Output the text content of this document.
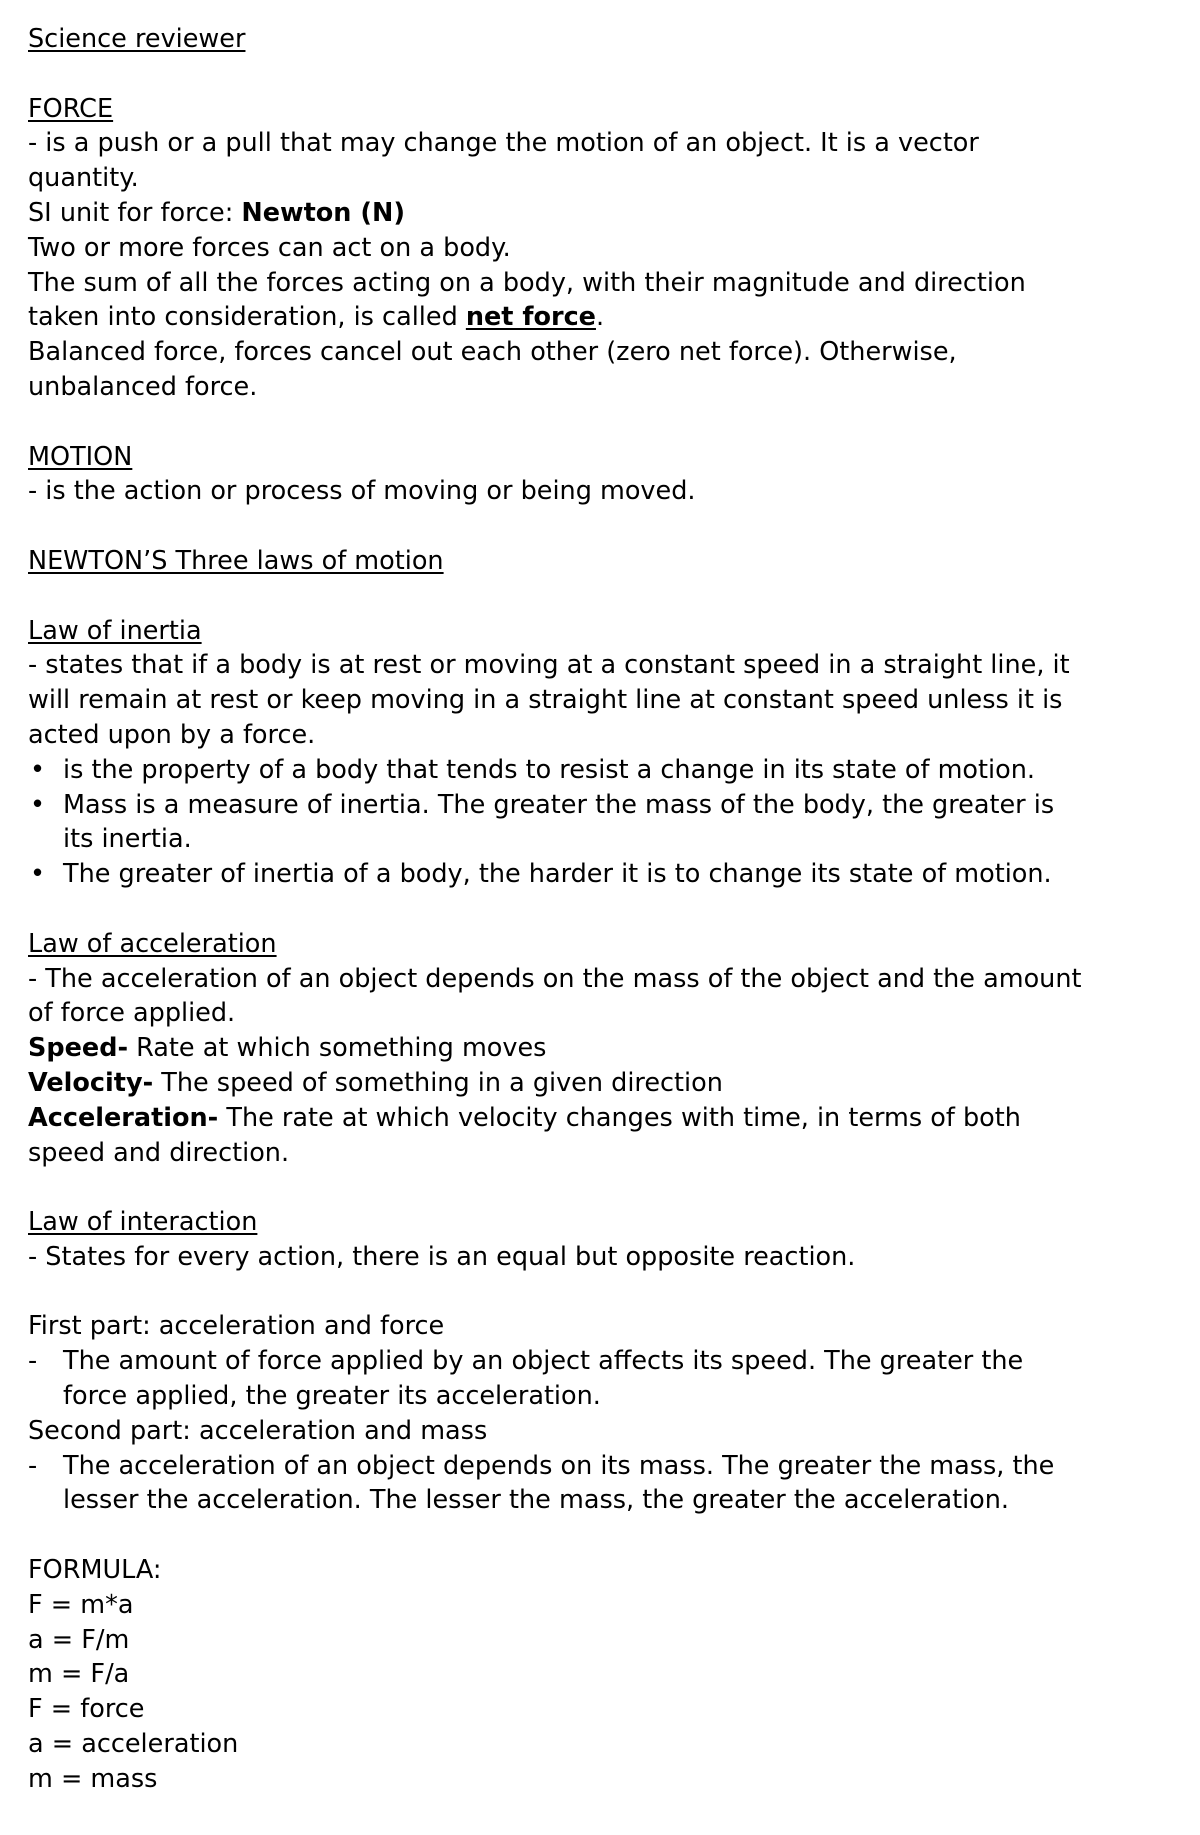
Science reviewer
FORCE
- is a push or a pull that may change the motion of an object. It is a vector
quantity.
SI unit for force: Newton (N)
Two or more forces can act on a body.
The sum of all the forces acting on a body, with their magnitude and direction
taken into consideration, is called net force.
Balanced force, forces cancel out each other (zero net force). Otherwise,
unbalanced force.
MOTION
- is the action or process of moving or being moved.
NEWTON’S Three laws of motion
Law of inertia
- states that if a body is at rest or moving at a constant speed in a straight line, it
will remain at rest or keep moving in a straight line at constant speed unless it is
acted upon by a force.
• is the property of a body that tends to resist a change in its state of motion.
• Mass is a measure of inertia. The greater the mass of the body, the greater is
its inertia.
• The greater of inertia of a body, the harder it is to change its state of motion.
Law of acceleration
- The acceleration of an object depends on the mass of the object and the amount
of force applied.
Speed- Rate at which something moves
Velocity- The speed of something in a given direction
Acceleration- The rate at which velocity changes with time, in terms of both
speed and direction.
Law of interaction
- States for every action, there is an equal but opposite reaction.
First part: acceleration and force
- The amount of force applied by an object affects its speed. The greater the
force applied, the greater its acceleration.
Second part: acceleration and mass
- The acceleration of an object depends on its mass. The greater the mass, the
lesser the acceleration. The lesser the mass, the greater the acceleration.
FORMULA:
F = m*a
a = F/m
m = F/a
F = force
a = acceleration
m = mass
